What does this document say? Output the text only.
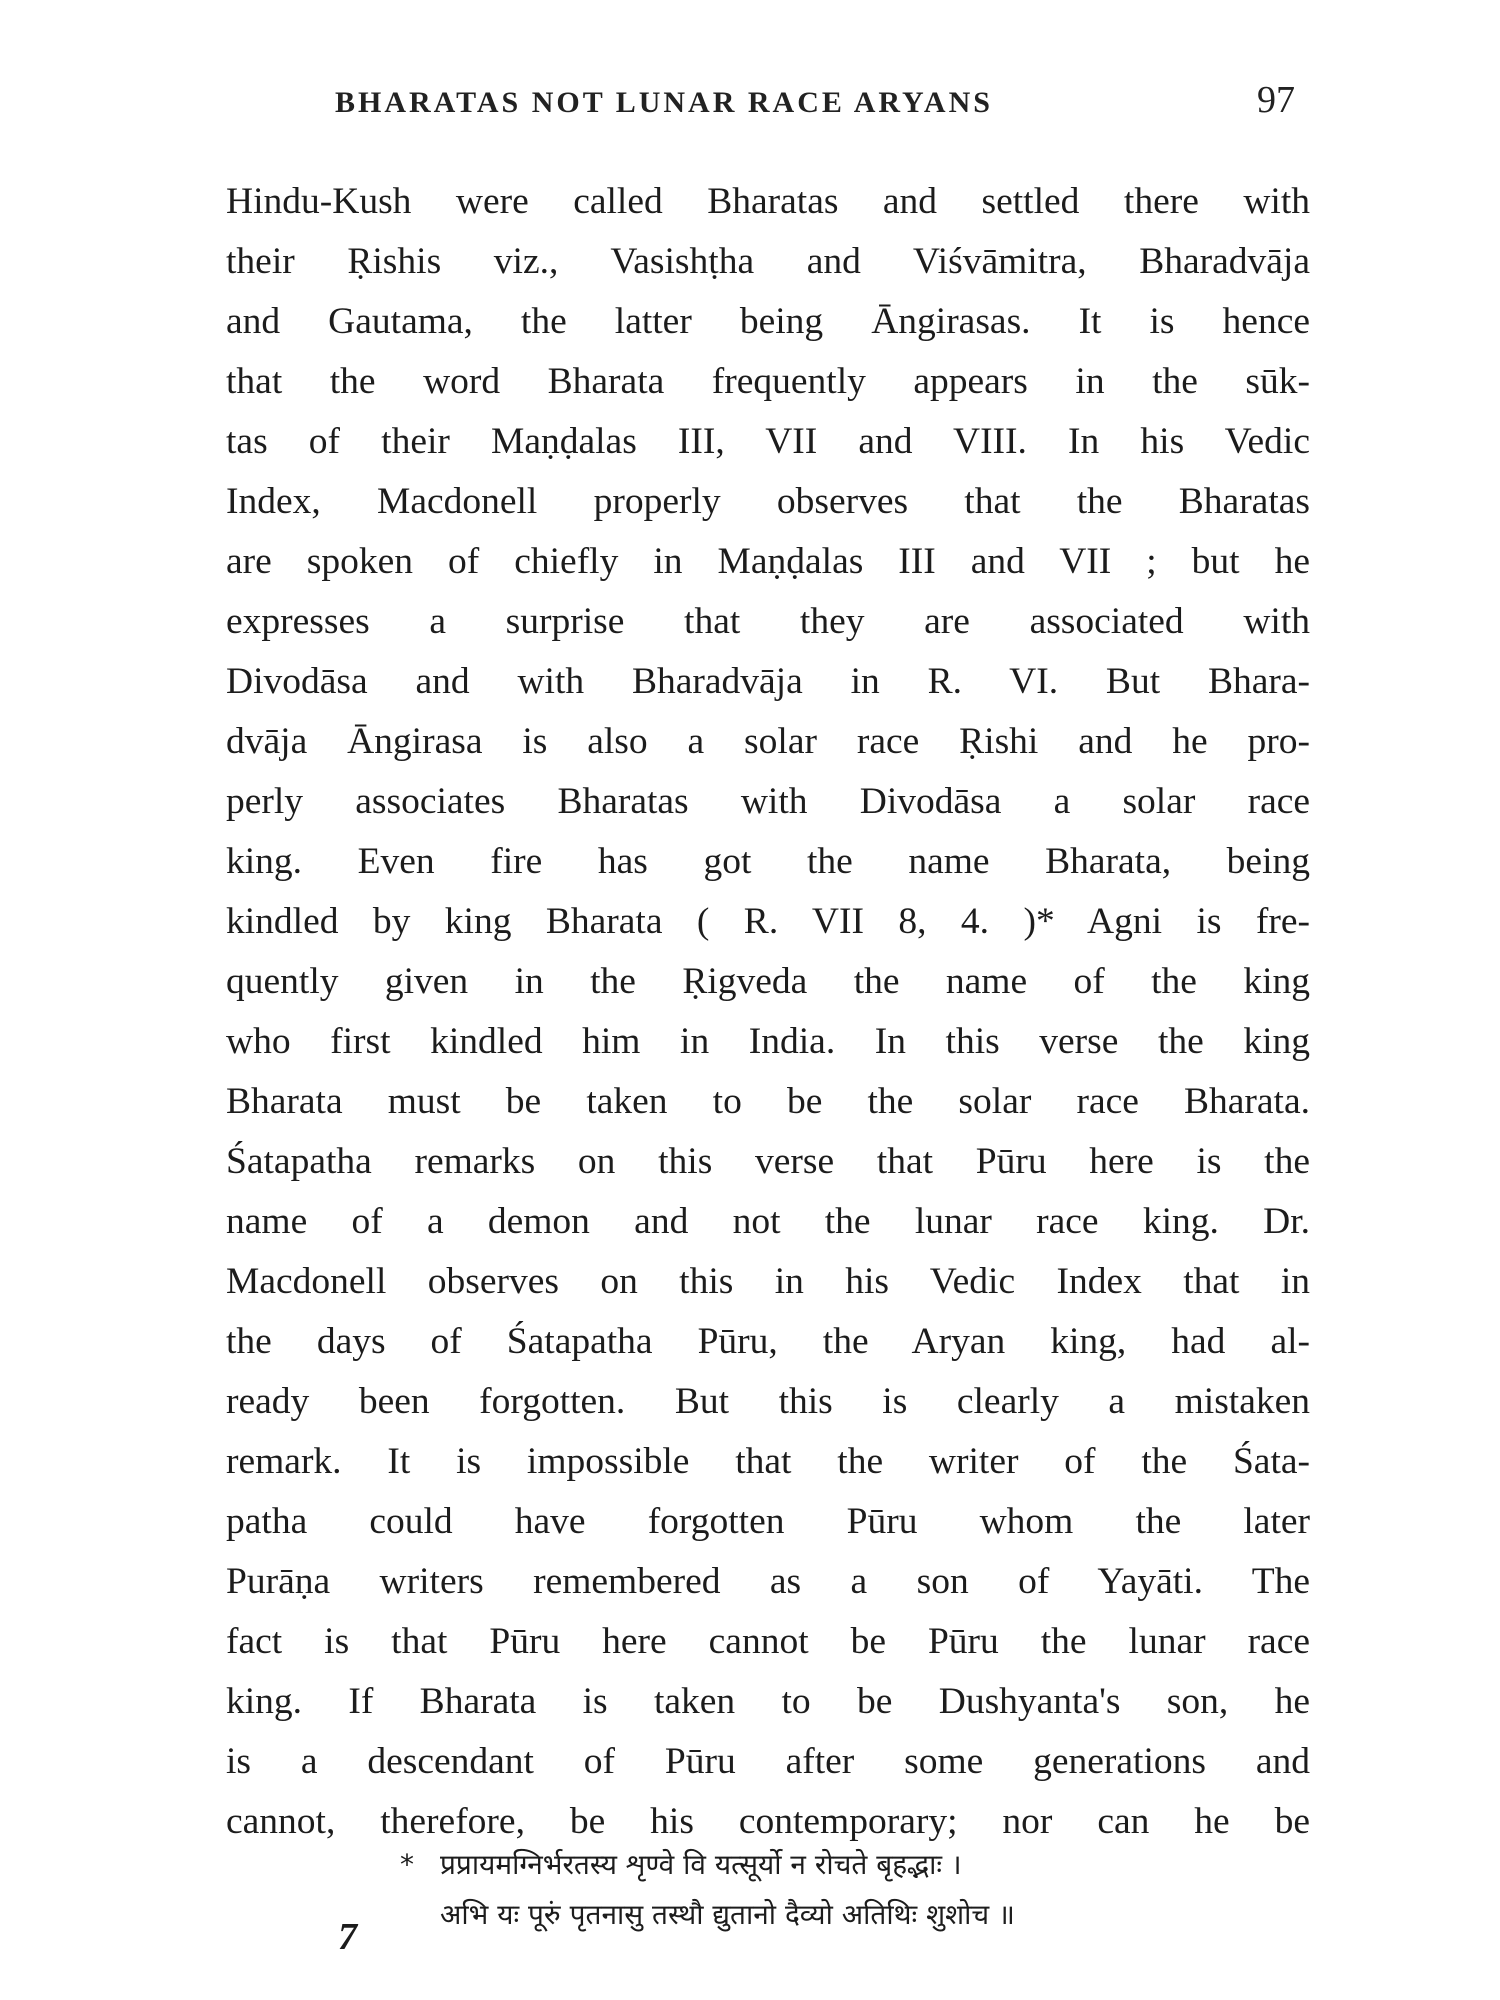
BHARATAS NOT LUNAR RACE ARYANS	97
Hindu-Kush were called Bharatas and settled there with
their Ṛishis viz., Vasishṭha and Viśvāmitra, Bharadvāja
and Gautama, the latter being Āngirasas. It is hence
that the word Bharata frequently appears in the sūk-
tas of their Maṇḍalas III, VII and VIII. In his Vedic
Index, Macdonell properly observes that the Bharatas
are spoken of chiefly in Maṇḍalas III and VII ; but he
expresses a surprise that they are associated with
Divodāsa and with Bharadvāja in R. VI. But Bhara-
dvāja Āngirasa is also a solar race Ṛishi and he pro-
perly associates Bharatas with Divodāsa a solar race
king. Even fire has got the name Bharata, being
kindled by king Bharata ( R. VII 8, 4. )* Agni is fre-
quently given in the Ṛigveda the name of the king
who first kindled him in India. In this verse the king
Bharata must be taken to be the solar race Bharata.
Śatapatha remarks on this verse that Pūru here is the
name of a demon and not the lunar race king. Dr.
Macdonell observes on this in his Vedic Index that in
the days of Śatapatha Pūru, the Aryan king, had al-
ready been forgotten. But this is clearly a mistaken
remark. It is impossible that the writer of the Śata-
patha could have forgotten Pūru whom the later
Purāṇa writers remembered as a son of Yayāti. The
fact is that Pūru here cannot be Pūru the lunar race
king. If Bharata is taken to be Dushyanta's son, he
is a descendant of Pūru after some generations and
cannot, therefore, be his contemporary; nor can he be
* प्रप्रायमग्निर्भरतस्य शृण्वे वि यत्सूर्यो न रोचते बृहद्भाः ।
अभि यः पूरुं पृतनासु तस्थौ द्युतानो दैव्यो अतिथिः शुशोच ॥
7
